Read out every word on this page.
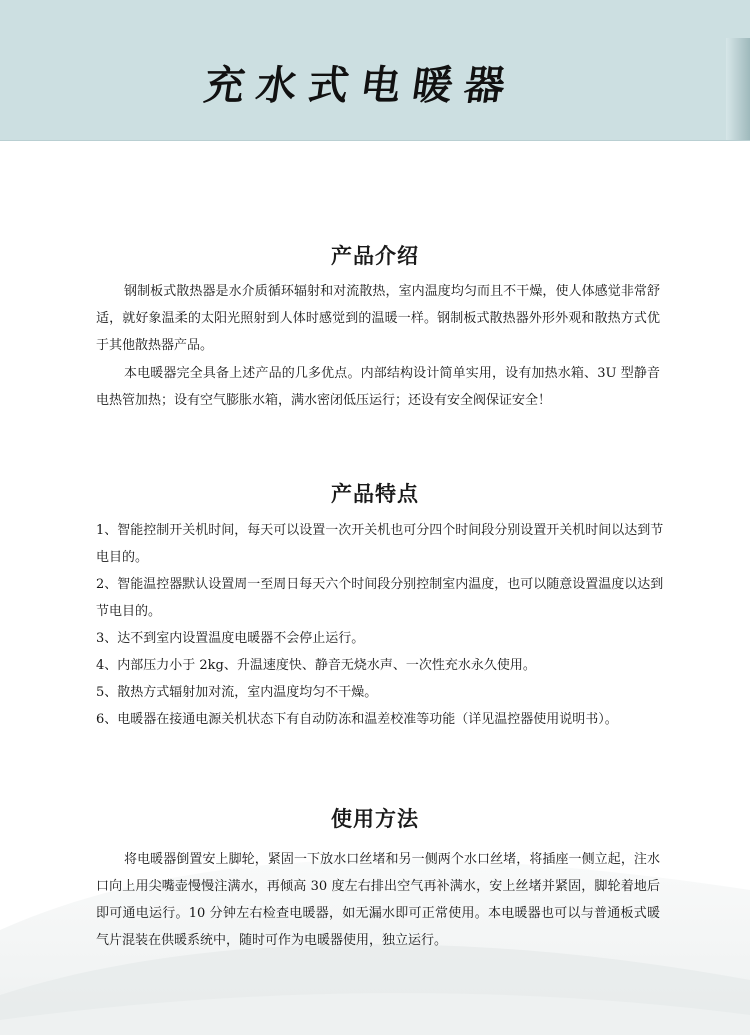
充水式电暖器
产品介绍

钢制板式散热器是水介质循环辐射和对流散热，室内温度均匀而且不干燥，使人体感觉非常舒适，就好象温柔的太阳光照射到人体时感觉到的温暖一样。钢制板式散热器外形外观和散热方式优于其他散热器产品。

本电暖器完全具备上述产品的几多优点。内部结构设计简单实用，设有加热水箱、3U 型静音电热管加热；设有空气膨胀水箱，满水密闭低压运行；还设有安全阀保证安全！

产品特点
1、智能控制开关机时间，每天可以设置一次开关机也可分四个时间段分别设置开关机时间以达到节电目的。
2、智能温控器默认设置周一至周日每天六个时间段分别控制室内温度，也可以随意设置温度以达到节电目的。
3、达不到室内设置温度电暖器不会停止运行。
4、内部压力小于 2kg、升温速度快、静音无烧水声、一次性充水永久使用。
5、散热方式辐射加对流，室内温度均匀不干燥。
6、电暖器在接通电源关机状态下有自动防冻和温差校准等功能（详见温控器使用说明书）。
使用方法

将电暖器倒置安上脚轮，紧固一下放水口丝堵和另一侧两个水口丝堵，将插座一侧立起，注水口向上用尖嘴壶慢慢注满水，再倾高 30 度左右排出空气再补满水，安上丝堵并紧固，脚轮着地后即可通电运行。10 分钟左右检查电暖器，如无漏水即可正常使用。本电暖器也可以与普通板式暖气片混装在供暖系统中，随时可作为电暖器使用，独立运行。
